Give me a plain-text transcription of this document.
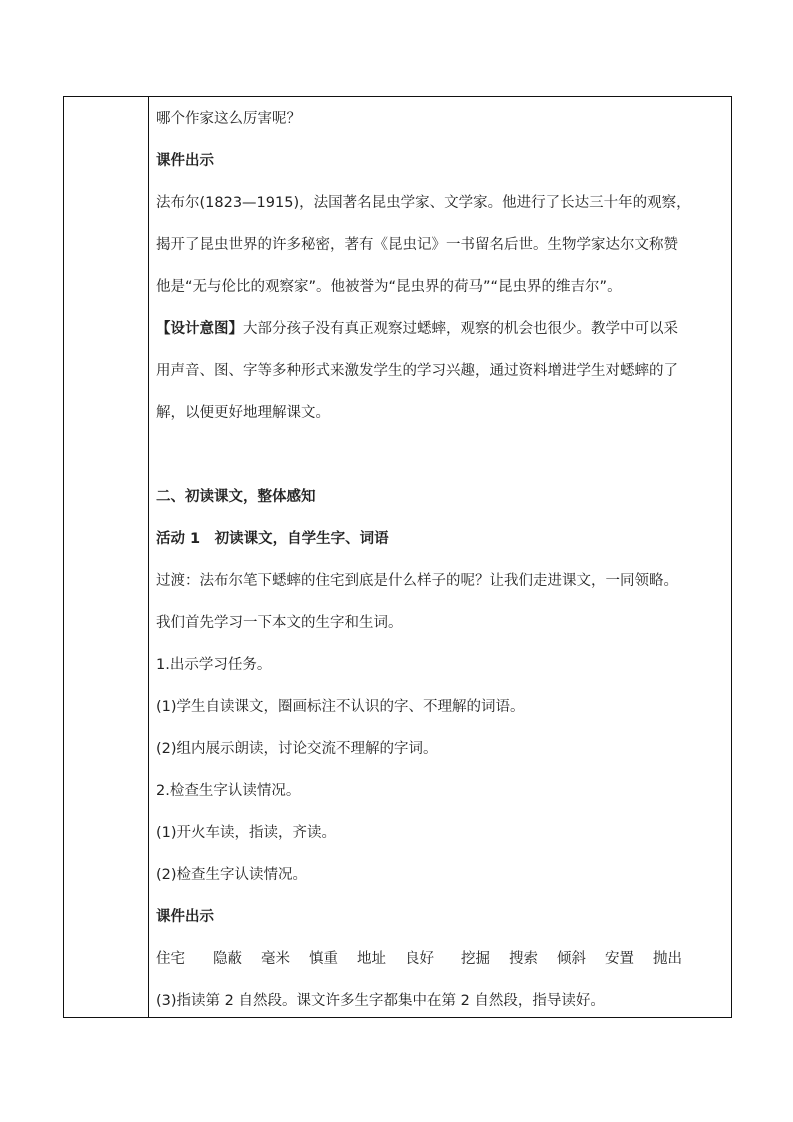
哪个作家这么厉害呢？
课件出示
法布尔(1823—1915)，法国著名昆虫学家、文学家。他进行了长达三十年的观察，
揭开了昆虫世界的许多秘密，著有《昆虫记》一书留名后世。生物学家达尔文称赞
他是“无与伦比的观察家”。他被誉为“昆虫界的荷马”“昆虫界的维吉尔”。
【设计意图】大部分孩子没有真正观察过蟋蟀，观察的机会也很少。教学中可以采
用声音、图、字等多种形式来激发学生的学习兴趣，通过资料增进学生对蟋蟀的了
解，以便更好地理解课文。
二、初读课文，整体感知
活动 1　初读课文，自学生字、词语
过渡：法布尔笔下蟋蟀的住宅到底是什么样子的呢？让我们走进课文，一同领略。
我们首先学习一下本文的生字和生词。
1.出示学习任务。
(1)学生自读课文，圈画标注不认识的字、不理解的词语。
(2)组内展示朗读，讨论交流不理解的字词。
2.检查生字认读情况。
(1)开火车读，指读，齐读。
(2)检查生字认读情况。
课件出示
住宅 隐蔽 毫米 慎重 地址 良好 挖掘 搜索 倾斜 安置 抛出
(3)指读第 2 自然段。课文许多生字都集中在第 2 自然段，指导读好。
